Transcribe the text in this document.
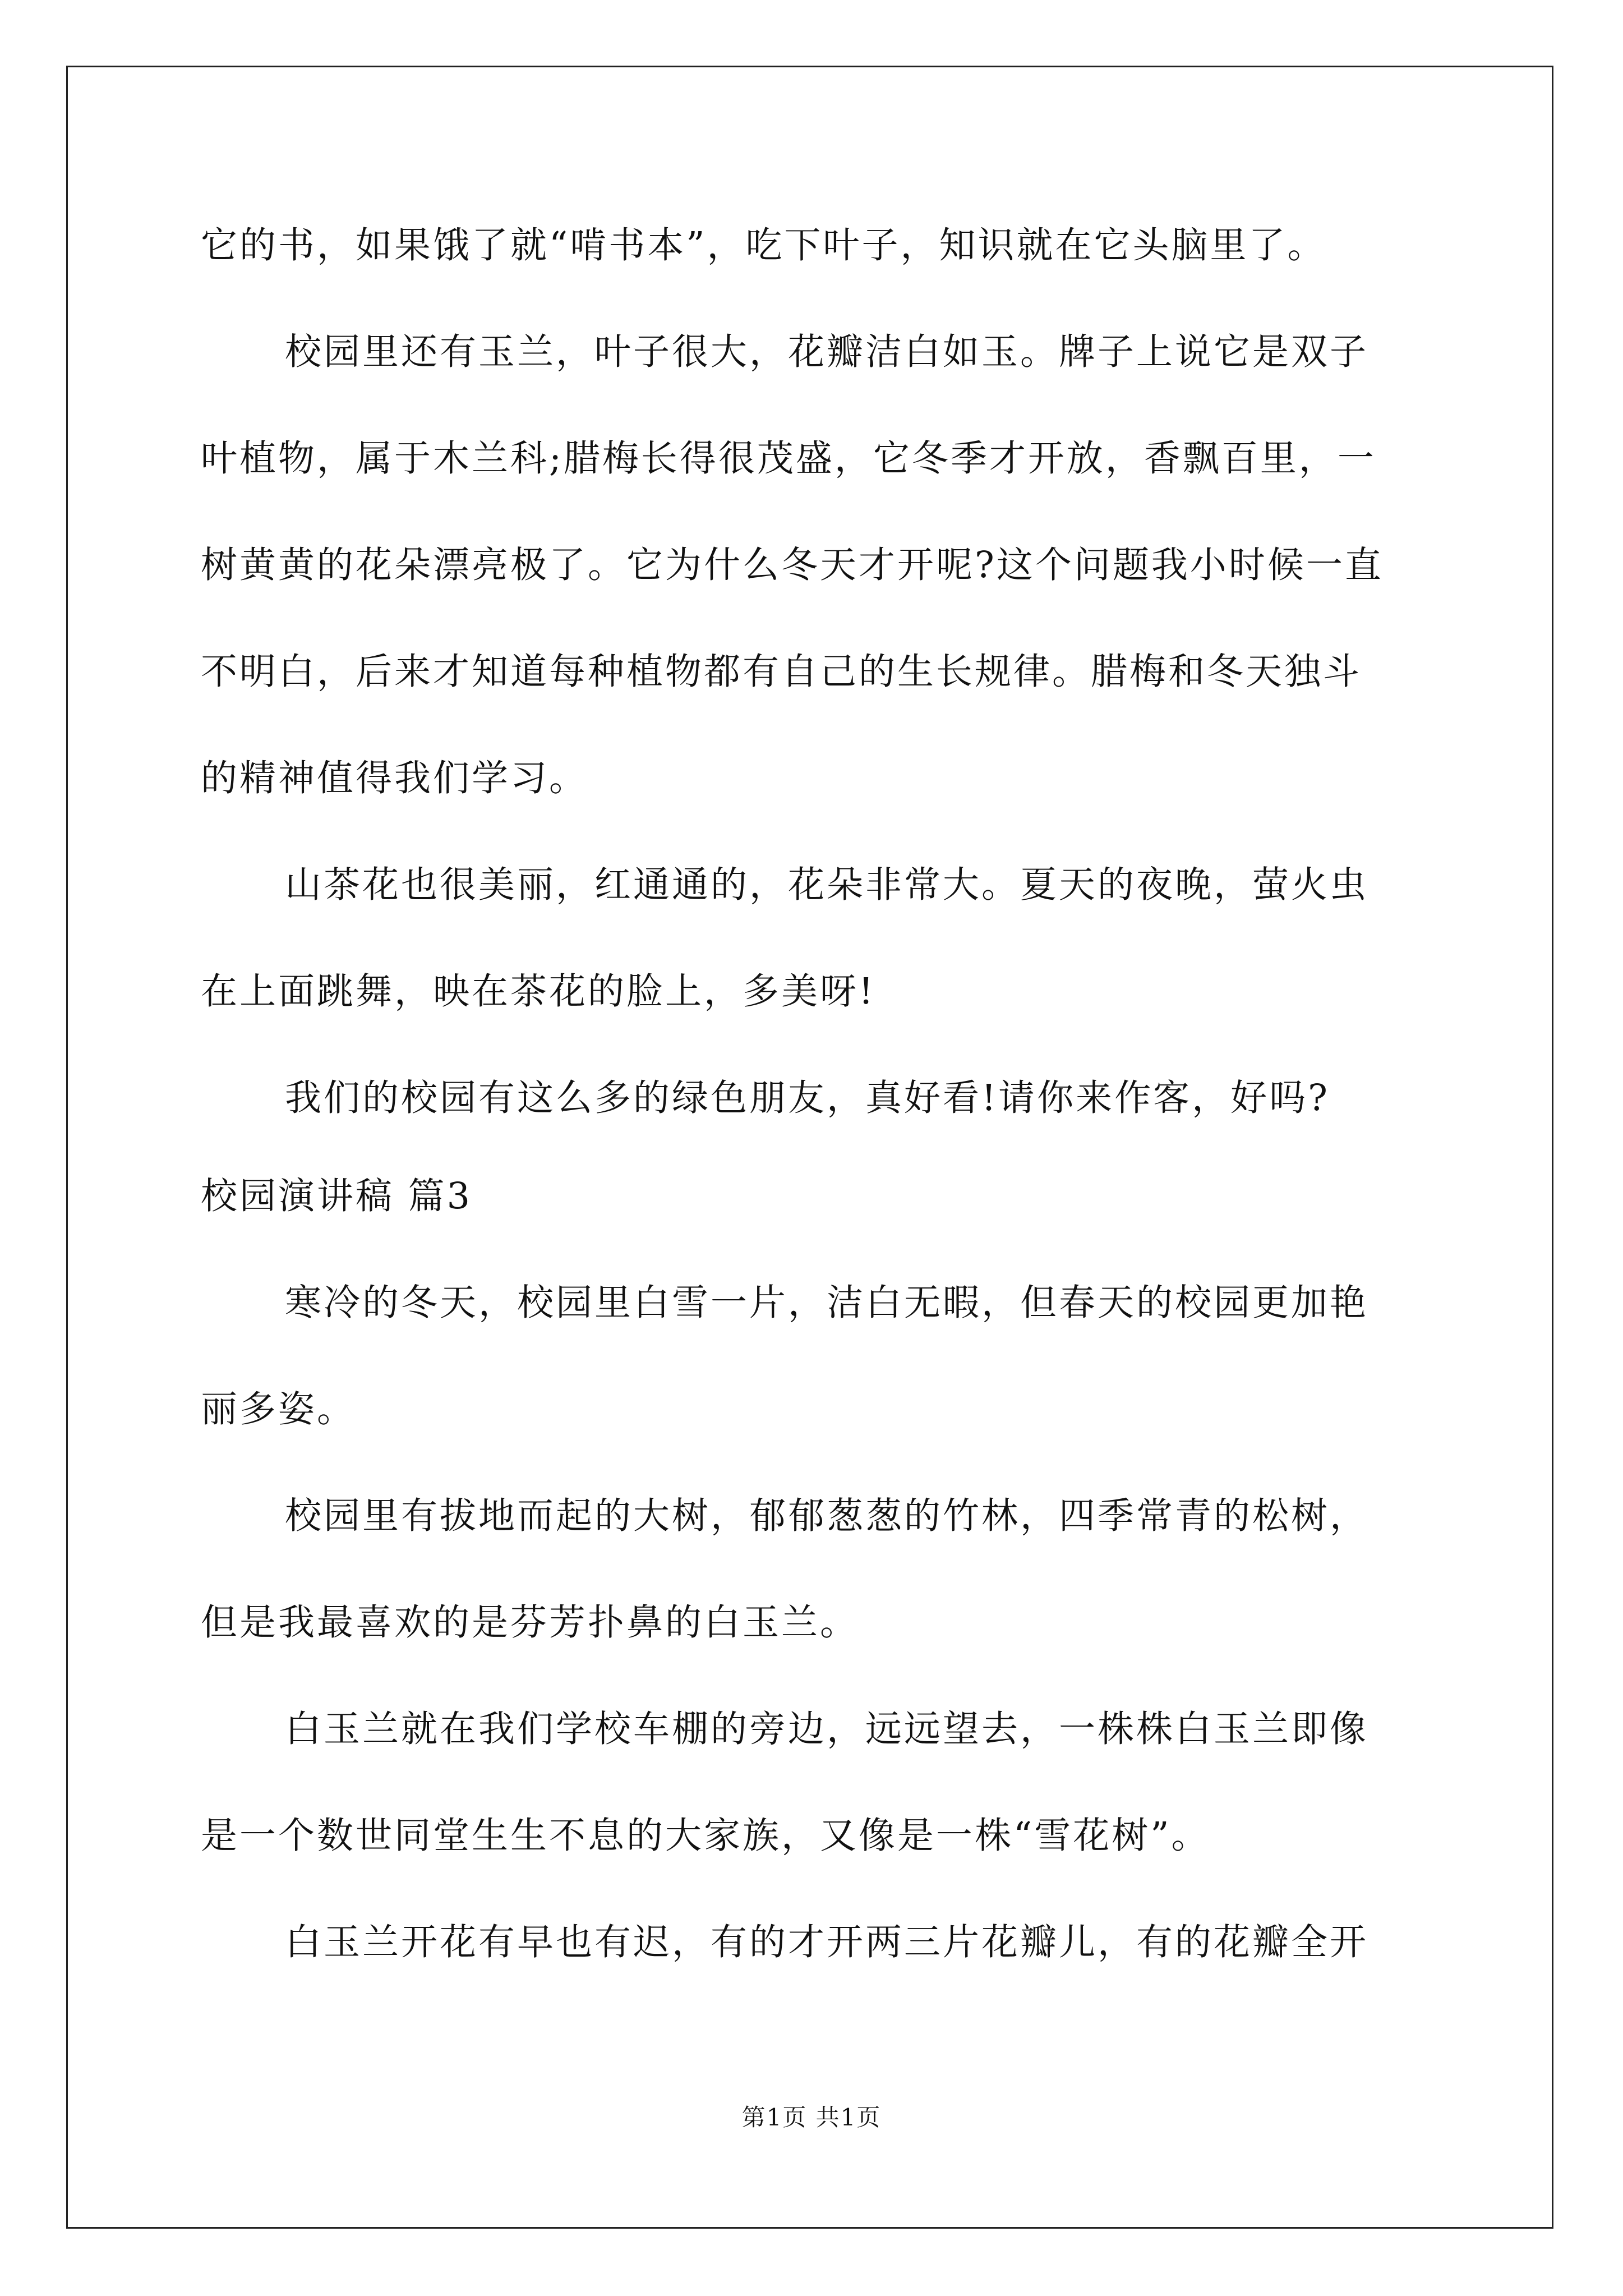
它的书，如果饿了就“啃书本”，吃下叶子，知识就在它头脑里了。
校园里还有玉兰，叶子很大，花瓣洁白如玉。牌子上说它是双子
叶植物，属于木兰科;腊梅长得很茂盛，它冬季才开放，香飘百里，一
树黄黄的花朵漂亮极了。它为什么冬天才开呢?这个问题我小时候一直
不明白，后来才知道每种植物都有自己的生长规律。腊梅和冬天独斗
的精神值得我们学习。
山茶花也很美丽，红通通的，花朵非常大。夏天的夜晚，萤火虫
在上面跳舞，映在茶花的脸上，多美呀!
我们的校园有这么多的绿色朋友，真好看!请你来作客，好吗?
校园演讲稿 篇3
寒冷的冬天，校园里白雪一片，洁白无暇，但春天的校园更加艳
丽多姿。
校园里有拔地而起的大树，郁郁葱葱的竹林，四季常青的松树，
但是我最喜欢的是芬芳扑鼻的白玉兰。
白玉兰就在我们学校车棚的旁边，远远望去，一株株白玉兰即像
是一个数世同堂生生不息的大家族，又像是一株“雪花树”。
白玉兰开花有早也有迟，有的才开两三片花瓣儿，有的花瓣全开
第1页 共1页
